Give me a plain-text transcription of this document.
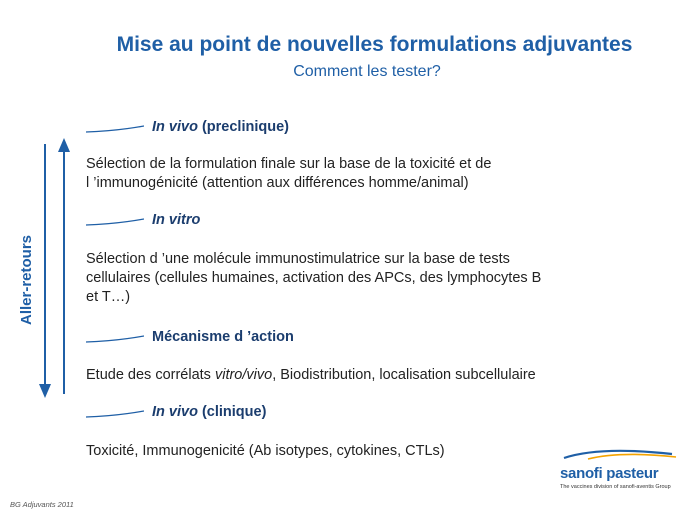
Mise au point de nouvelles formulations adjuvantes
Comment les tester?
Aller-retours
In vivo (preclinique)
Sélection de la formulation finale sur la base de la toxicité et de
l ’immunogénicité (attention aux différences homme/animal)
In vitro
Sélection d ’une molécule immunostimulatrice sur la base de tests
cellulaires (cellules humaines, activation des APCs, des lymphocytes B
et T…)
Mécanisme d ’action
Etude des corrélats vitro/vivo, Biodistribution, localisation subcellulaire
In vivo (clinique)
Toxicité, Immunogenicité (Ab isotypes, cytokines, CTLs)
BG Adjuvants 2011
sanofi pasteur
The vaccines division of sanofi-aventis Group
